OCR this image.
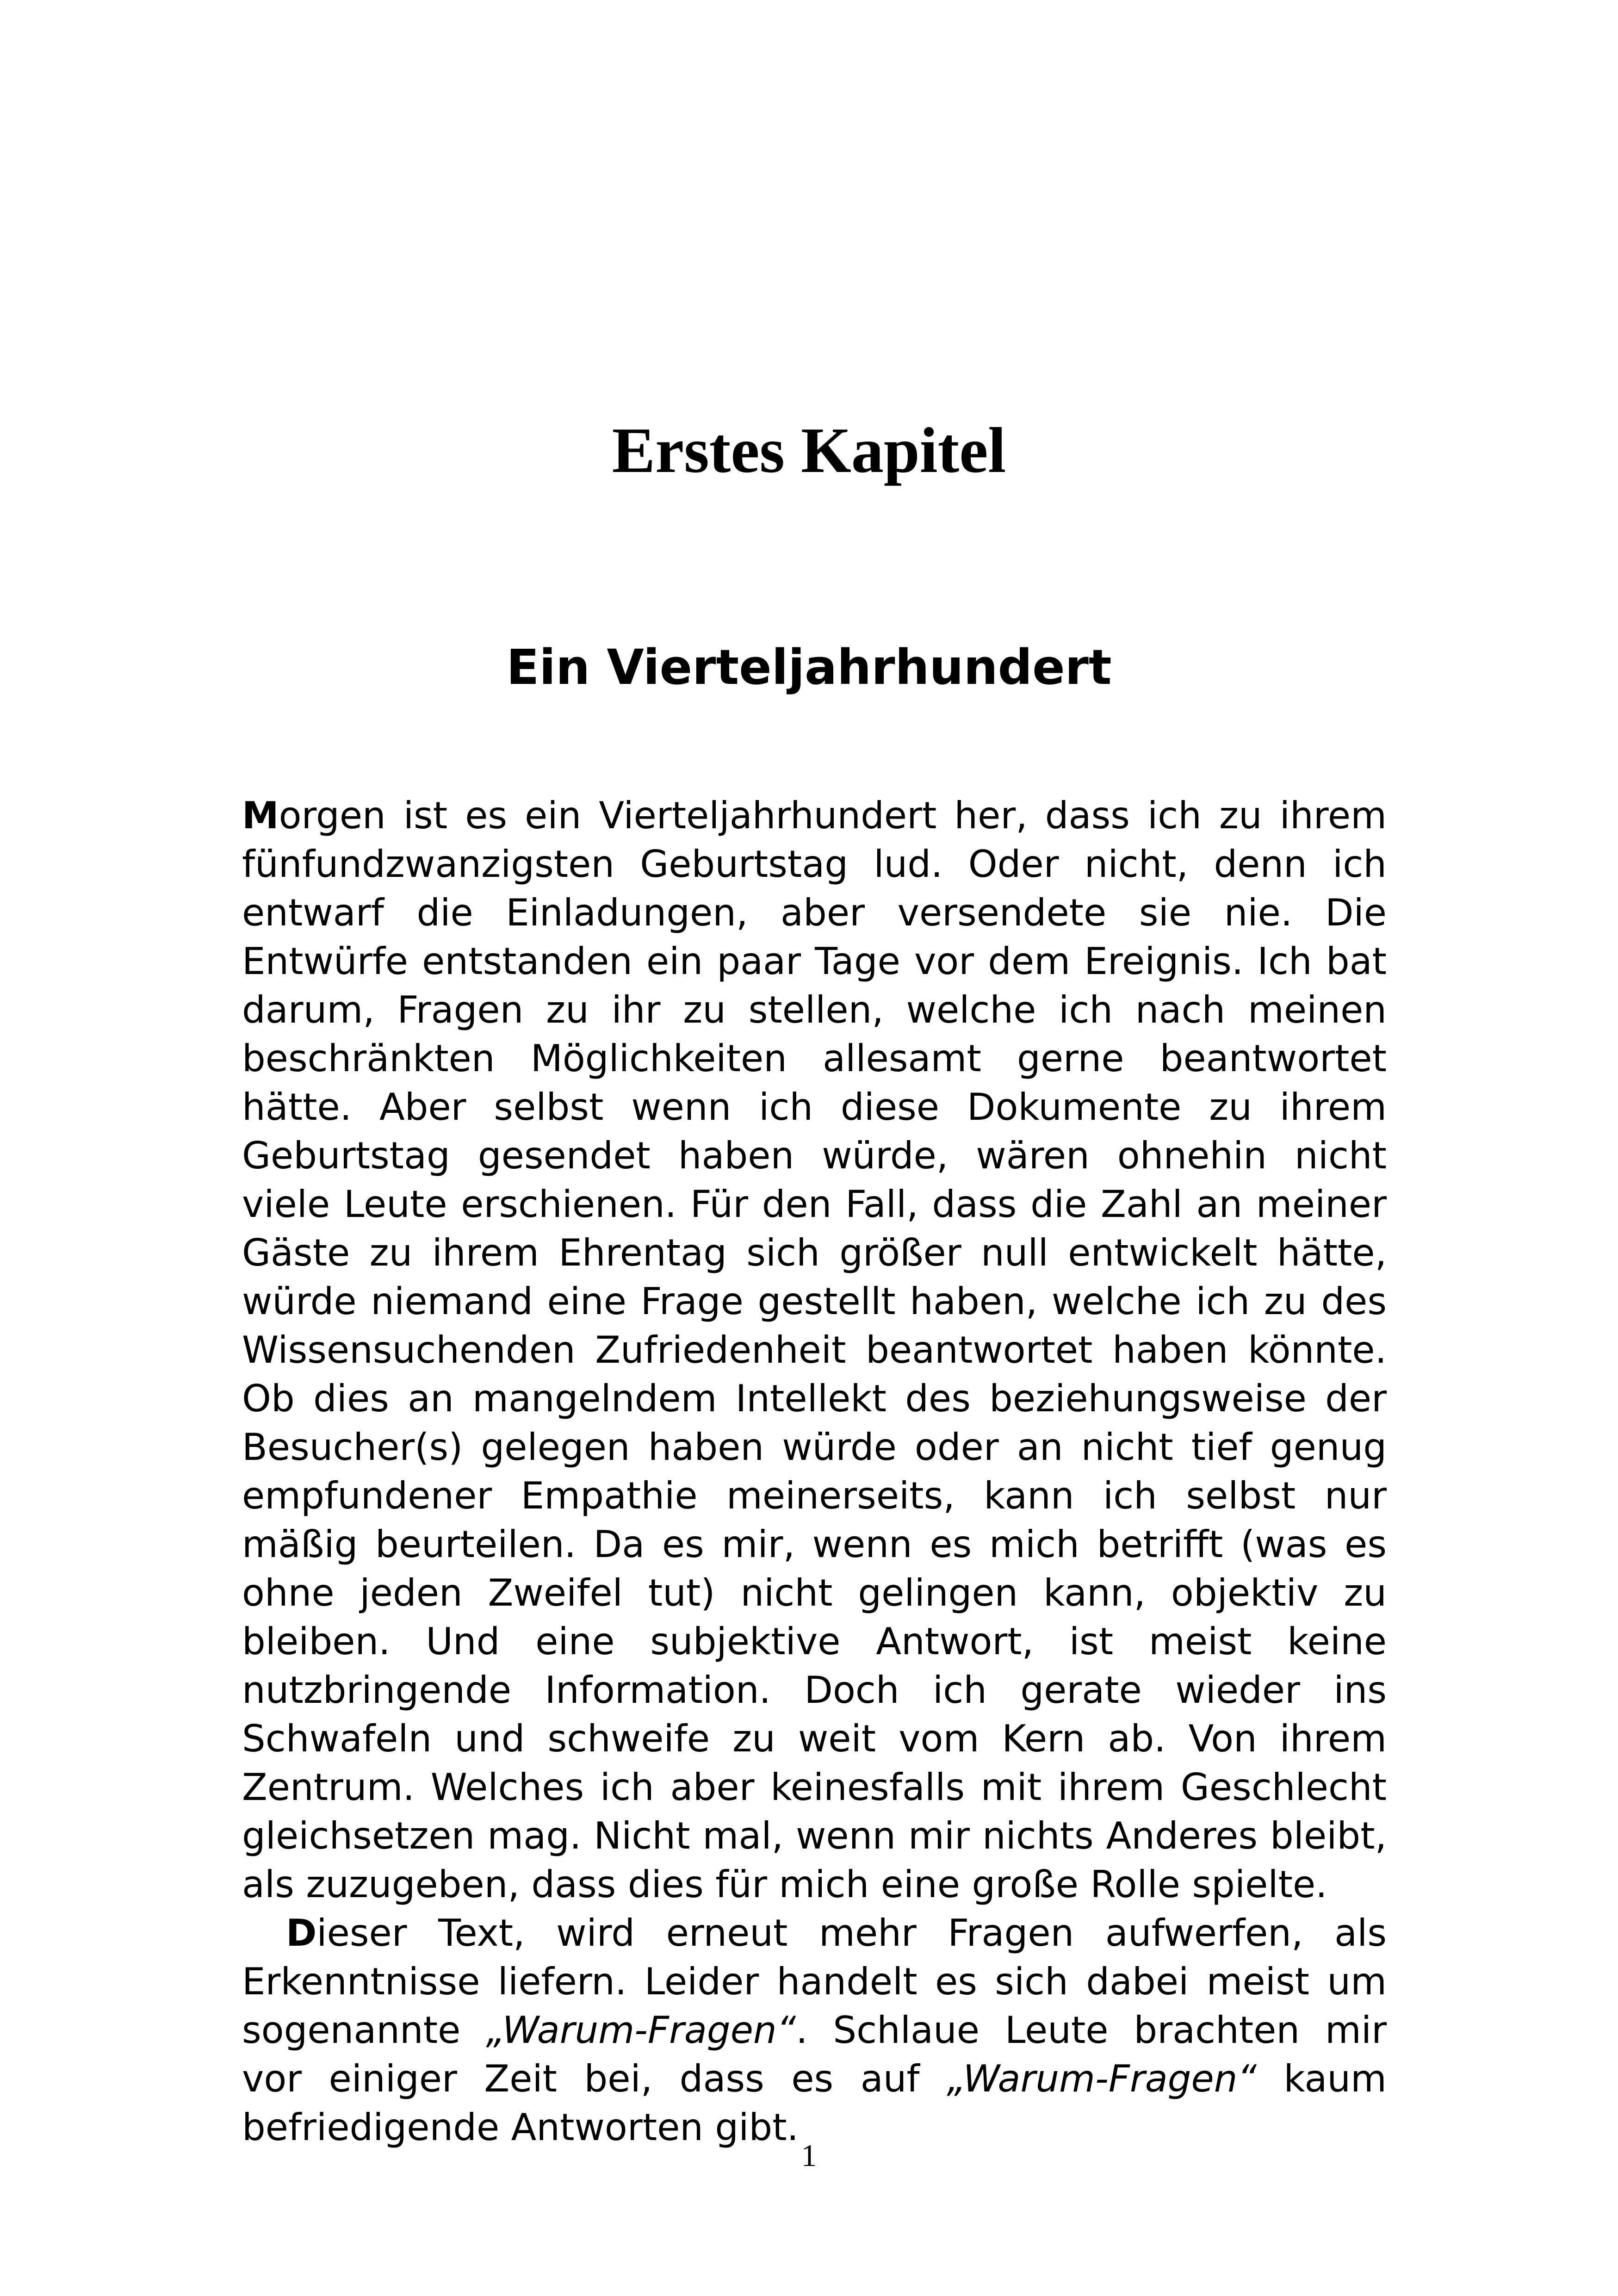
Erstes Kapitel
Ein Vierteljahrhundert

Morgen ist es ein Vierteljahrhundert her, dass ich zu ihrem fünfundzwanzigsten Geburtstag lud. Oder nicht, denn ich entwarf die Einladungen, aber versendete sie nie. Die Entwürfe entstanden ein paar Tage vor dem Ereignis. Ich bat darum, Fragen zu ihr zu stellen, welche ich nach meinen beschränkten Möglichkeiten allesamt gerne beantwortet hätte. Aber selbst wenn ich diese Dokumente zu ihrem Geburtstag gesendet haben würde, wären ohnehin nicht viele Leute erschienen. Für den Fall, dass die Zahl an meiner Gäste zu ihrem Ehrentag sich größer null entwickelt hätte, würde niemand eine Frage gestellt haben, welche ich zu des Wissensuchenden Zufriedenheit beantwortet haben könnte. Ob dies an mangelndem Intellekt des beziehungsweise der Besucher(s) gelegen haben würde oder an nicht tief genug empfundener Empathie meinerseits, kann ich selbst nur mäßig beurteilen. Da es mir, wenn es mich betrifft (was es ohne jeden Zweifel tut) nicht gelingen kann, objektiv zu bleiben. Und eine subjektive Antwort, ist meist keine nutzbringende Information. Doch ich gerate wieder ins Schwafeln und schweife zu weit vom Kern ab. Von ihrem Zentrum. Welches ich aber keinesfalls mit ihrem Geschlecht gleichsetzen mag. Nicht mal, wenn mir nichts Anderes bleibt, als zuzugeben, dass dies für mich eine große Rolle spielte.

Dieser Text, wird erneut mehr Fragen aufwerfen, als Erkenntnisse liefern. Leider handelt es sich dabei meist um sogenannte „Warum-Fragen“. Schlaue Leute brachten mir vor einiger Zeit bei, dass es auf „Warum-Fragen“ kaum befriedigende Antworten gibt.

1
